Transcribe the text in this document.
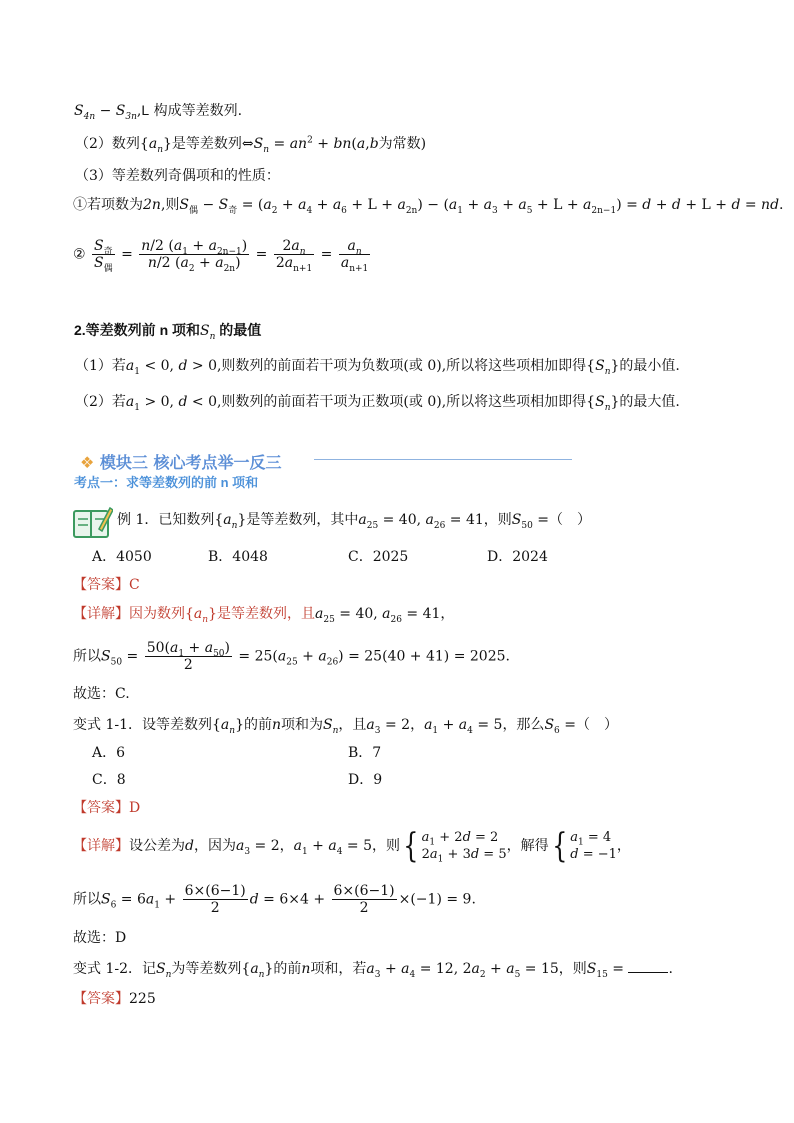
$S_{4n} - S_{3n},L$ 构成等差数列.
（2）数列$\{a_n\}$是等差数列$\Leftrightarrow S_n = an^2 + bn(a,b$为常数)
（3）等差数列奇偶项和的性质：
①若项数为2n,则$S_偶 - S_奇 = (a_2 + a_4 + a_6 + L + a_{2n}) - (a_1 + a_3 + a_5 + L + a_{2n-1}) = d + d + L + d$ = nd.
② $\frac{S_奇}{S_偶} = \frac{n/2 (a_1 + a_{2n-1})}{n/2 (a_2 + a_{2n})} = \frac{2a_n}{2a_{n+1}} = \frac{a_n}{a_{n+1}}$
2.等差数列前 n 项和$S_n$ 的最值
（1）若$a_1 < 0$, d > 0,则数列的前面若干项为负数项(或 0),所以将这些项相加即得$\{S_n\}$的最小值.
（2）若$a_1 > 0$, d < 0,则数列的前面若干项为正数项(或 0),所以将这些项相加即得$\{S_n\}$的最大值.
❖ 模块三 核心考点举一反三
考点一：求等差数列的前 n 项和
例 1．已知数列$\{a_n\}$是等差数列，其中$a_{25} = 40$, $a_{26} = 41$，则$S_{50}$ =（　）
A．4050	B．4048	C．2025	D．2024
【答案】C
【详解】因为数列$\{a_n\}$是等差数列，且$a_{25} = 40$, $a_{26} = 41$，
所以$S_{50} = \frac{50(a_1 + a_{50})}{2} = 25(a_{25} + a_{26}) = 25(40 + 41) = 2025$.
故选：C.
变式 1-1．设等差数列$\{a_n\}$的前n项和为$S_n$，且$a_3 = 2$，$a_1 + a_4 = 5$，那么$S_6$ =（　）
A．6	B．7
C．8	D．9
【答案】D
【详解】设公差为d，因为$a_3 = 2$，$a_1 + a_4 = 5$，则{ $a_1 + 2d = 2$
$2a_1 + 3d = 5$，解得{ $a_1 = 4$
d = −1，
所以$S_6 = 6a_1 + \frac{6\times(6-1)}{2}$ $d = 6\times 4 + \frac{6\times(6-1)}{2} \times(-1) = 9$.
故选：D
变式 1-2．记$S_n$为等差数列$\{a_n\}$的前n项和，若$a_3 + a_4 = 12$, $2a_2 + a_5 = 15$，则$S_{15}$ =	.
【答案】225
